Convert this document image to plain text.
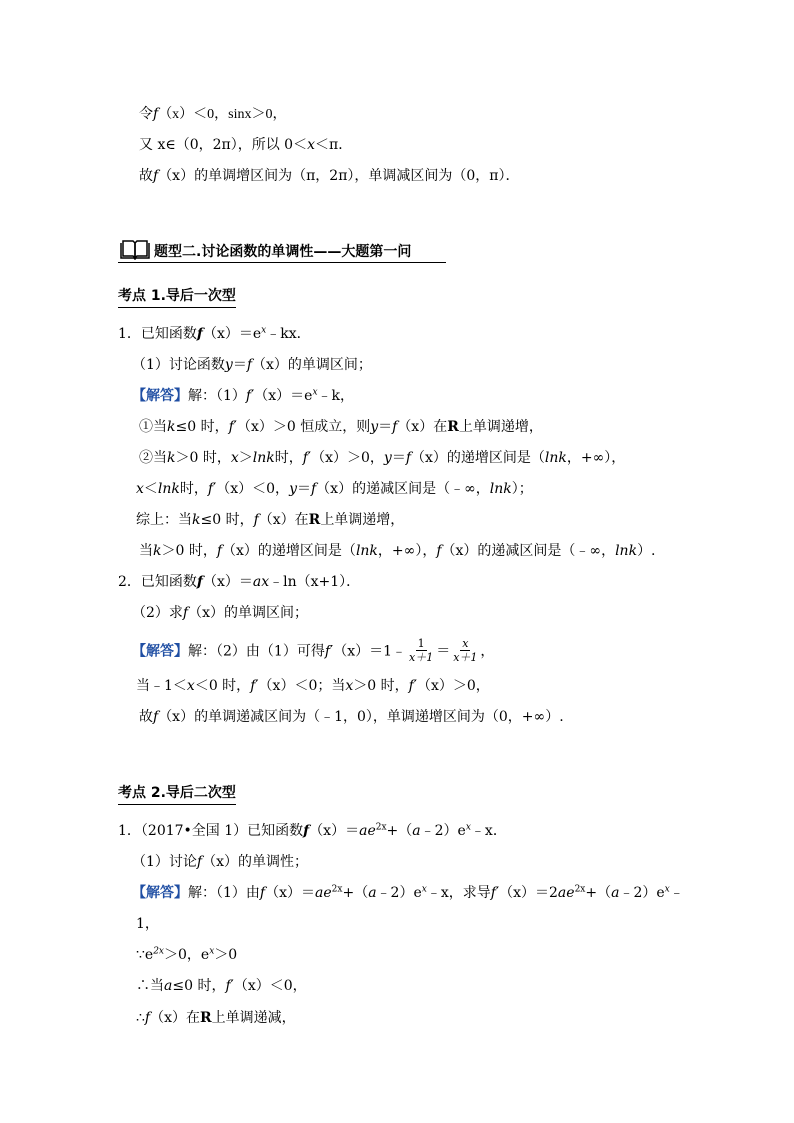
令f（x）＜0，sinx＞0，
又 x∈（0，2π），所以 0＜x＜π．
故f（x）的单调增区间为（π，2π），单调减区间为（0，π）．
题型二.讨论函数的单调性——大题第一问
考点 1.导后一次型
1．已知函数$f(x)=e^x﹣kx$．
（1）讨论函数y＝f（x）的单调区间；
【解答】解：$(1)f'(x)=e^x﹣k$，
①当k≤0 时，f′（x）＞0 恒成立，则y＝f（x）在R上单调递增，
②当k＞0 时，x＞lnk时，f′（x）＞0，y＝f（x）的递增区间是（lnk，+∞），
x＜lnk时，f′（x）＜0，y＝f（x）的递减区间是（﹣∞，lnk）；
综上：当k≤0 时，f（x）在R上单调递增，
当k＞0 时，f（x）的递增区间是（lnk，+∞），f（x）的递减区间是（﹣∞，lnk）.
2．已知函数f（x）＝ax﹣ln（x+1）．
（2）求f（x）的单调区间；
【解答】解：（2）由（1）可得f′（x）＝1﹣ $\frac{1}{x+1} = \frac{x}{x+1}$ ，
当﹣1＜x＜0 时，f′（x）＜0；当x＞0 时，f′（x）＞0，
故f（x）的单调递减区间为（﹣1，0），单调递增区间为（0，+∞）.
考点 2.导后二次型
1．（2017•全国 1）已知函数$f(x)=ae^{2x}+(a﹣2)e^x﹣x$．
（1）讨论f（x）的单调性；
【解答】解：（1）由$f(x)=ae^{2x}+(a﹣2)e^x﹣x$，求导$f'(x)=2ae^{2x}+(a﹣2)e^x﹣$
1，
$\because e^{2x}>0$，$e^x>0$
∴当a≤0 时，f′（x）＜0，
∴f（x）在R上单调递减，
